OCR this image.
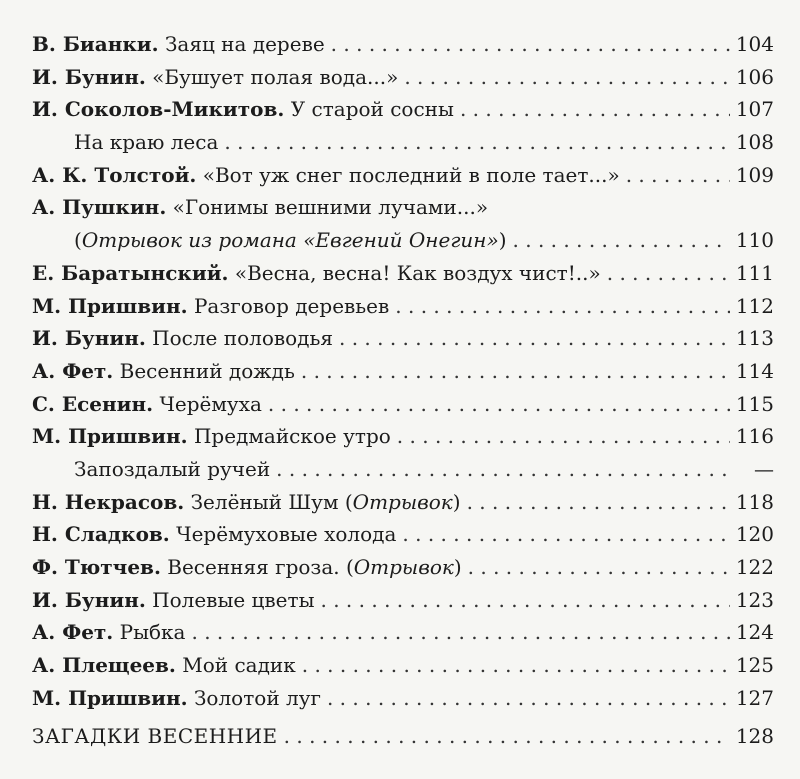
В. Бианки. Заяц на дереве . . .	104
И. Бунин. «Бушует полая вода...» . . .	106
И. Соколов-Микитов. У старой сосны . . .	107
На краю леса . . .	108
А. К. Толстой. «Вот уж снег последний в поле тает...» . . .	109
А. Пушкин. «Гонимы вешними лучами...»
(Отрывок из романа «Евгений Онегин») . . .	110
Е. Баратынский. «Весна, весна! Как воздух чист!..» . . .	111
М. Пришвин. Разговор деревьев . . .	112
И. Бунин. После половодья . . .	113
А. Фет. Весенний дождь . . .	114
С. Есенин. Черёмуха . . .	115
М. Пришвин. Предмайское утро . . .	116
Запоздалый ручей . . .	—
Н. Некрасов. Зелёный Шум (Отрывок) . . .	118
Н. Сладков. Черёмуховые холода . . .	120
Ф. Тютчев. Весенняя гроза. (Отрывок) . . .	122
И. Бунин. Полевые цветы . . .	123
А. Фет. Рыбка . . .	124
А. Плещеев. Мой садик . . .	125
М. Пришвин. Золотой луг . . .	127
ЗАГАДКИ ВЕСЕННИЕ . . .	128
